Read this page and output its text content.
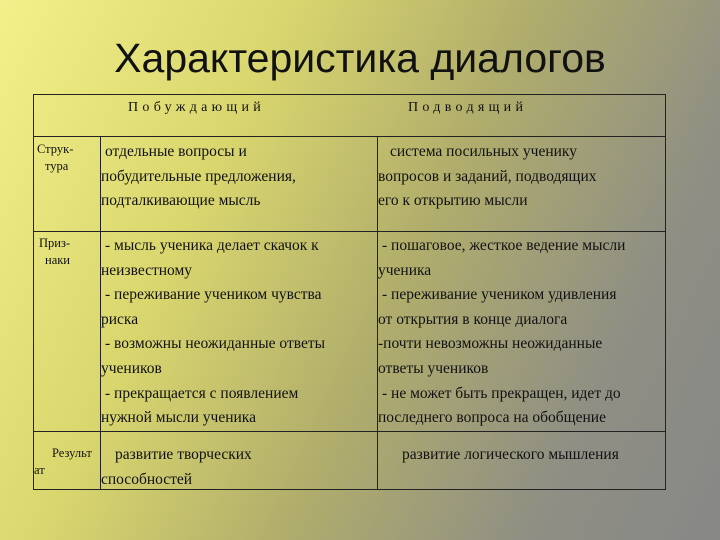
Характеристика диалогов
Побуждающий	Подводящий
Струк-
тура
отдельные вопросы и
побудительные предложения,
подталкивающие мысль
система посильных ученику
вопросов и заданий, подводящих
его к открытию мысли
Приз-
наки
- мысль ученика делает скачок к
неизвестному
- переживание учеником чувства
риска
- возможны неожиданные ответы
учеников
- прекращается с появлением
нужной мысли ученика
- пошаговое, жесткое ведение мысли
ученика
- переживание учеником удивления
от открытия в конце диалога
-почти невозможны неожиданные
ответы учеников
- не может быть прекращен, идет до
последнего вопроса на обобщение
Результ
ат
развитие творческих
способностей
развитие логического мышления
